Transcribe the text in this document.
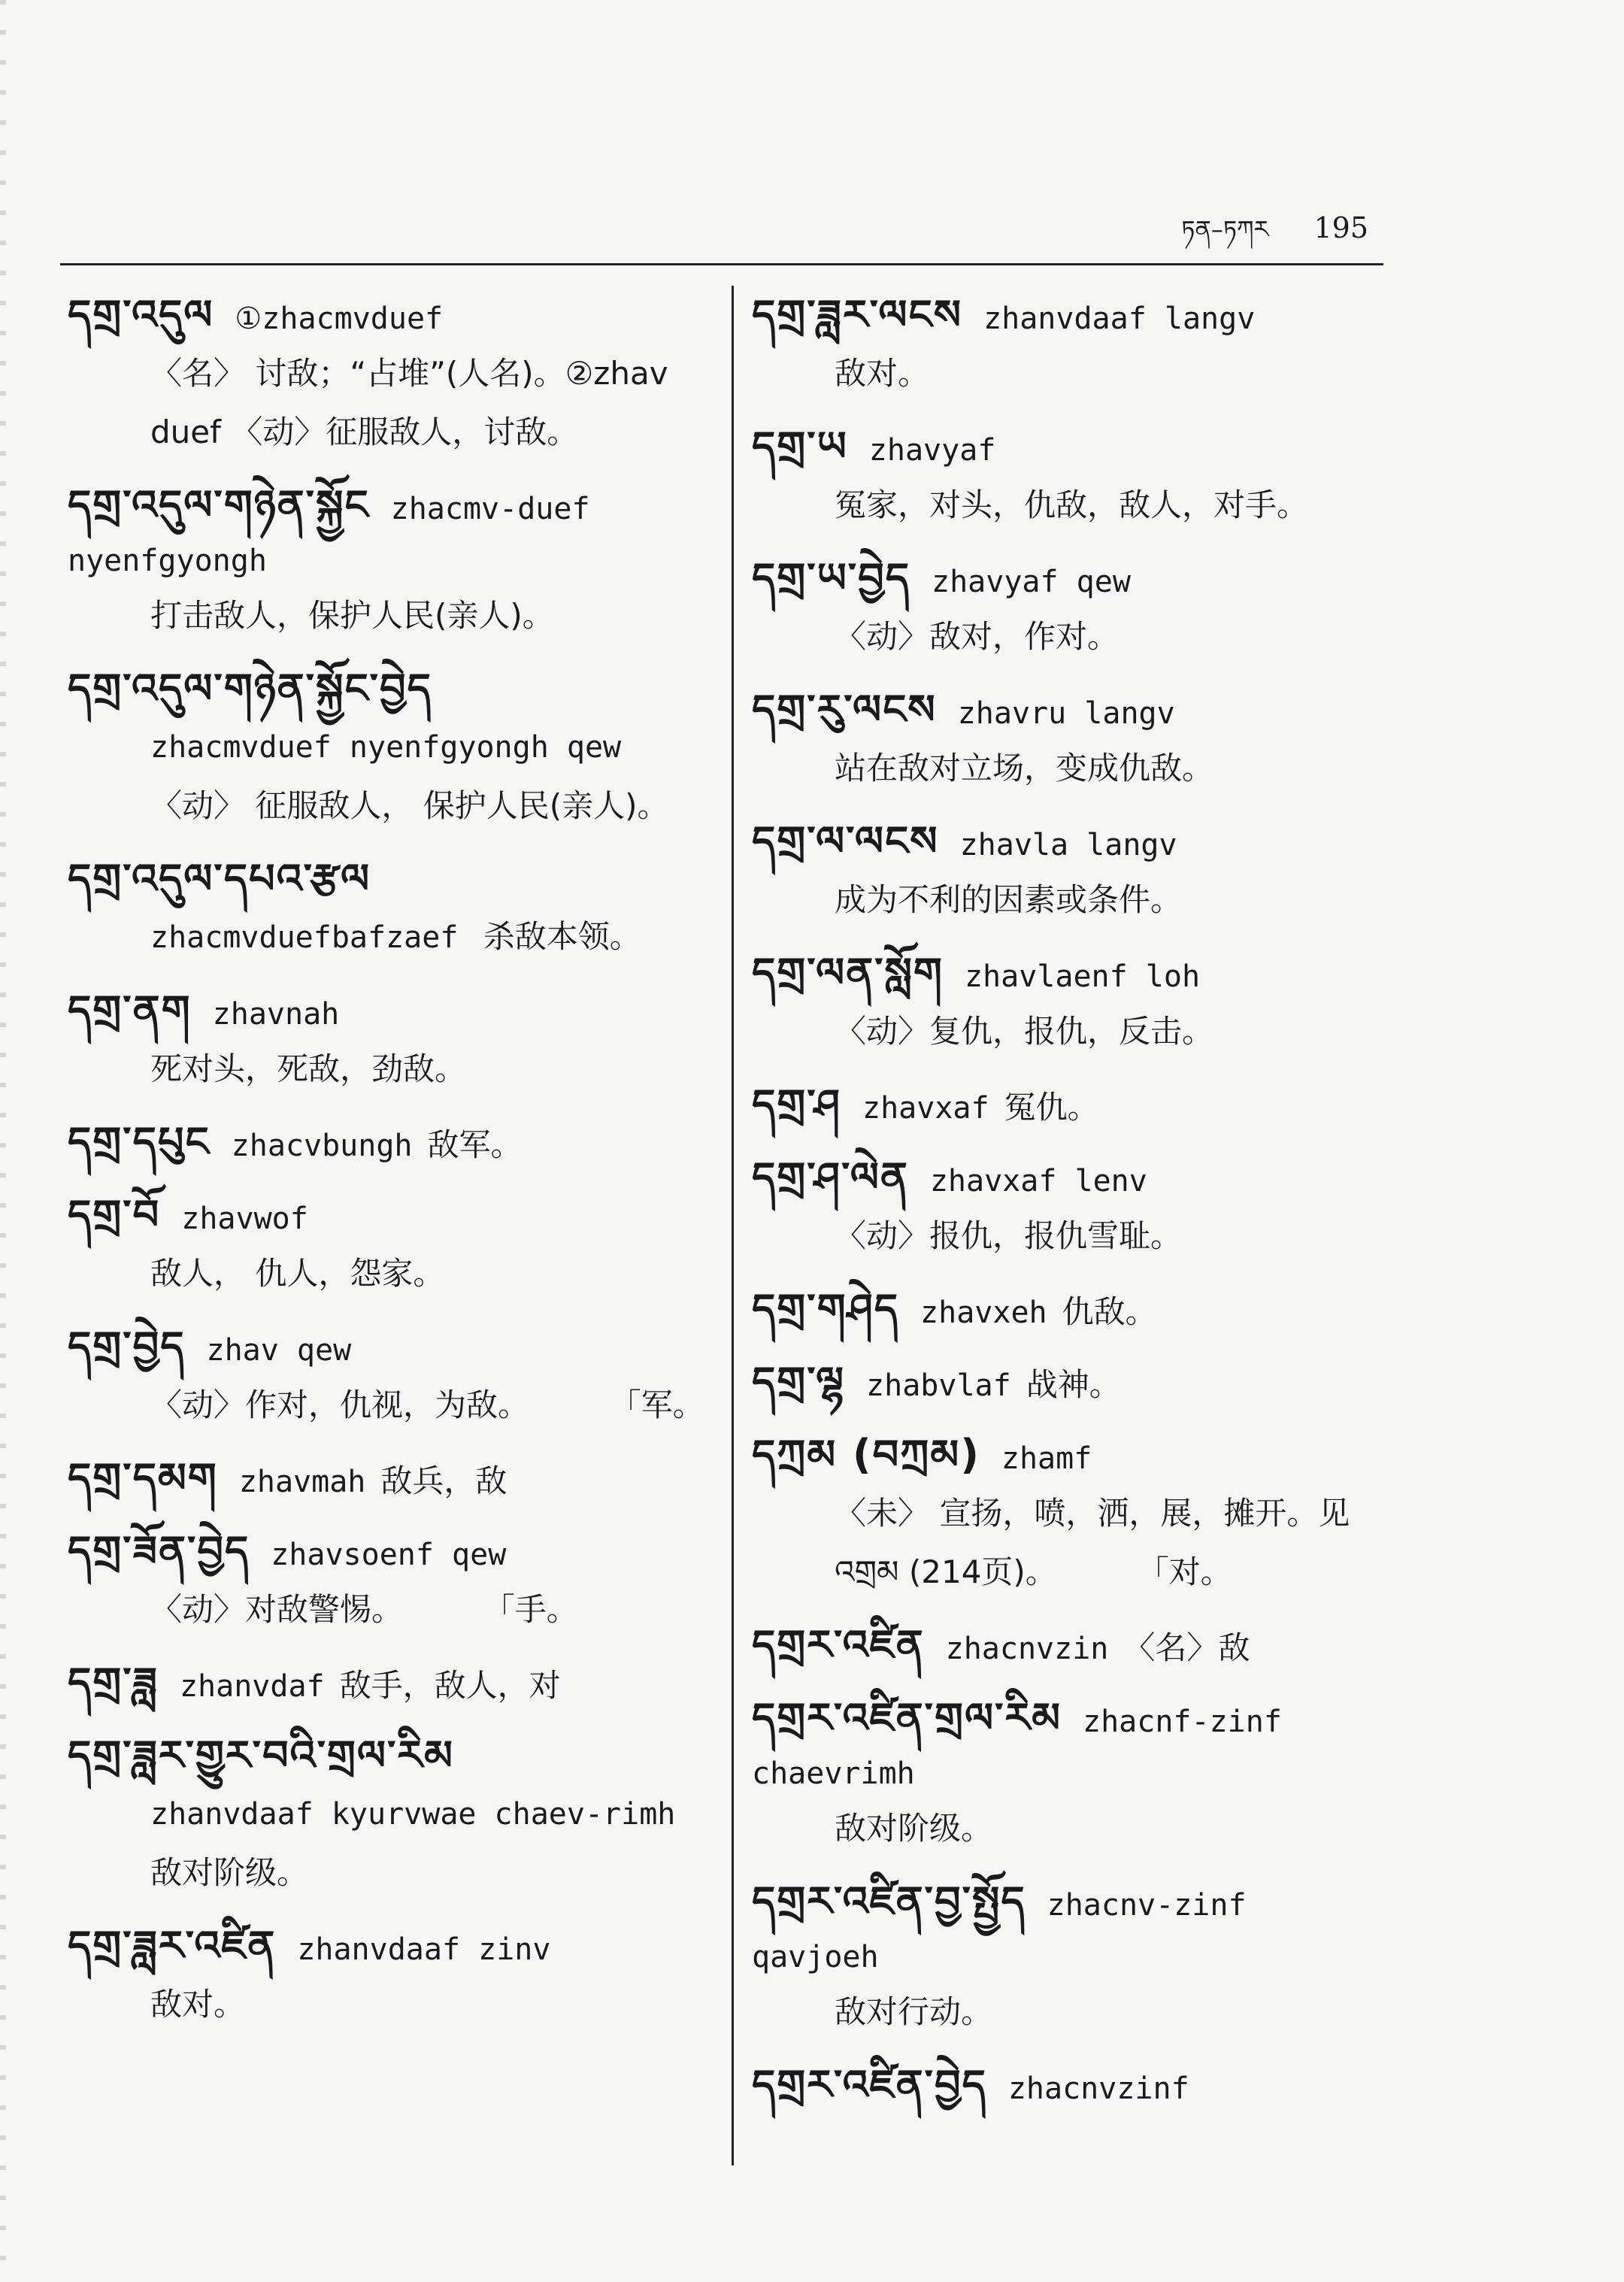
ཏན–ཏཀར 195
དགྲ་འདུལ ①zhacmvduef
〈名〉 讨敌；“占堆”(人名)。②zhav duef 〈动〉征服敌人，讨敌。
དགྲ་འདུལ་གཉེན་སྐྱོང zhacmv-duef nyenfgyongh
打击敌人，保护人民(亲人)。
དགྲ་འདུལ་གཉེན་སྐྱོང་བྱེད
zhacmvduef nyenfgyongh qew 〈动〉 征服敌人， 保护人民(亲人)。
དགྲ་འདུལ་དཔའ་རྩལ
zhacmvduefbafzaef 杀敌本领。
དགྲ་ནག zhavnah
死对头，死敌，劲敌。
དགྲ་དཔུང zhacvbungh 敌军。
དགྲ་བོ zhavwof
敌人， 仇人，怨家。
དགྲ་བྱེད zhav qew
〈动〉作对，仇视，为敌。        「军。
དགྲ་དམག zhavmah 敌兵，敌
དགྲ་ཟོན་བྱེད zhavsoenf qew
〈动〉对敌警惕。        「手。
དགྲ་ཟླ zhanvdaf 敌手，敌人，对
དགྲ་ཟླར་གྱུར་བའི་གྲལ་རིམ
zhanvdaaf kyurvwae chaev-rimh 敌对阶级。
དགྲ་ཟླར་འཛིན zhanvdaaf zinv
敌对。
དགྲ་ཟླར་ལངས zhanvdaaf langv
敌对。
དགྲ་ཡ zhavyaf
冤家，对头，仇敌，敌人，对手。
དགྲ་ཡ་བྱེད zhavyaf qew
〈动〉敌对，作对。
དགྲ་རུ་ལངས zhavru langv
站在敌对立场，变成仇敌。
དགྲ་ལ་ལངས zhavla langv
成为不利的因素或条件。
དགྲ་ལན་སློག zhavlaenf loh
〈动〉复仇，报仇，反击。
དགྲ་ཤ zhavxaf 冤仇。
དགྲ་ཤ་ལེན zhavxaf lenv
〈动〉报仇，报仇雪耻。
དགྲ་གཤེད zhavxeh 仇敌。
དགྲ་ལྷ zhabvlaf 战神。
དཀྲམ (བཀྲམ) zhamf
〈未〉 宣扬，喷，洒，展，摊开。见 འགྲམ (214页)。        「对。
དགྲར་འཛིན zhacnvzin 〈名〉敌
དགྲར་འཛིན་གྲལ་རིམ zhacnf-zinf chaevrimh
敌对阶级。
དགྲར་འཛིན་བྱ་སྤྱོད zhacnv-zinf qavjoeh
敌对行动。
དགྲར་འཛིན་བྱེད zhacnvzinf
